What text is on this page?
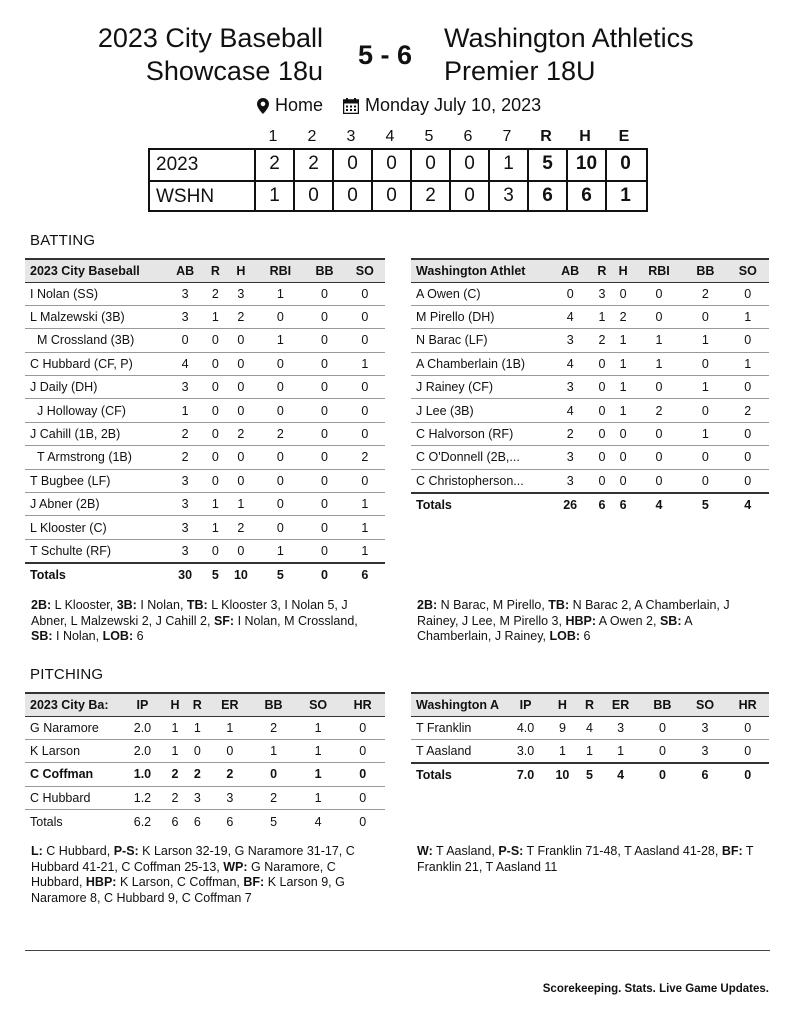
2023 City Baseball
Showcase 18u
5 - 6
Washington Athletics
Premier 18U
Home Monday July 10, 2023
1	2	3	4	5	6	7	R	H	E
2023	2	2	0	0	0	0	1	5	10	0
WSHN	1	0	0	0	2	0	3	6	6	1
BATTING
2023 City Baseball	AB	R	H	RBI	BB	SO
I Nolan (SS)	3	2	3	1	0	0
L Malzewski (3B)	3	1	2	0	0	0
M Crossland (3B)	0	0	0	1	0	0
C Hubbard (CF, P)	4	0	0	0	0	1
J Daily (DH)	3	0	0	0	0	0
J Holloway (CF)	1	0	0	0	0	0
J Cahill (1B, 2B)	2	0	2	2	0	0
T Armstrong (1B)	2	0	0	0	0	2
T Bugbee (LF)	3	0	0	0	0	0
J Abner (2B)	3	1	1	0	0	1
L Klooster (C)	3	1	2	0	0	1
T Schulte (RF)	3	0	0	1	0	1
Totals	30	5	10	5	0	6
Washington Athlet	AB	R	H	RBI	BB	SO
A Owen (C)	0	3	0	0	2	0
M Pirello (DH)	4	1	2	0	0	1
N Barac (LF)	3	2	1	1	1	0
A Chamberlain (1B)	4	0	1	1	0	1
J Rainey (CF)	3	0	1	0	1	0
J Lee (3B)	4	0	1	2	0	2
C Halvorson (RF)	2	0	0	0	1	0
C O'Donnell (2B,...	3	0	0	0	0	0
C Christopherson...	3	0	0	0	0	0
Totals	26	6	6	4	5	4
2B: L Klooster, 3B: I Nolan, TB: L Klooster 3, I Nolan 5, J Abner, L Malzewski 2, J Cahill 2, SF: I Nolan, M Crossland, SB: I Nolan, LOB: 6
2B: N Barac, M Pirello, TB: N Barac 2, A Chamberlain, J Rainey, J Lee, M Pirello 3, HBP: A Owen 2, SB: A Chamberlain, J Rainey, LOB: 6
PITCHING
2023 City Ba:	IP	H	R	ER	BB	SO	HR
G Naramore	2.0	1	1	1	2	1	0
K Larson	2.0	1	0	0	1	1	0
C Coffman	1.0	2	2	2	0	1	0
C Hubbard	1.2	2	3	3	2	1	0
Totals	6.2	6	6	6	5	4	0
Washington A	IP	H	R	ER	BB	SO	HR
T Franklin	4.0	9	4	3	0	3	0
T Aasland	3.0	1	1	1	0	3	0
Totals	7.0	10	5	4	0	6	0
L: C Hubbard, P-S: K Larson 32-19, G Naramore 31-17, C Hubbard 41-21, C Coffman 25-13, WP: G Naramore, C Hubbard, HBP: K Larson, C Coffman, BF: K Larson 9, G Naramore 8, C Hubbard 9, C Coffman 7
W: T Aasland, P-S: T Franklin 71-48, T Aasland 41-28, BF: T Franklin 21, T Aasland 11
Scorekeeping. Stats. Live Game Updates.
